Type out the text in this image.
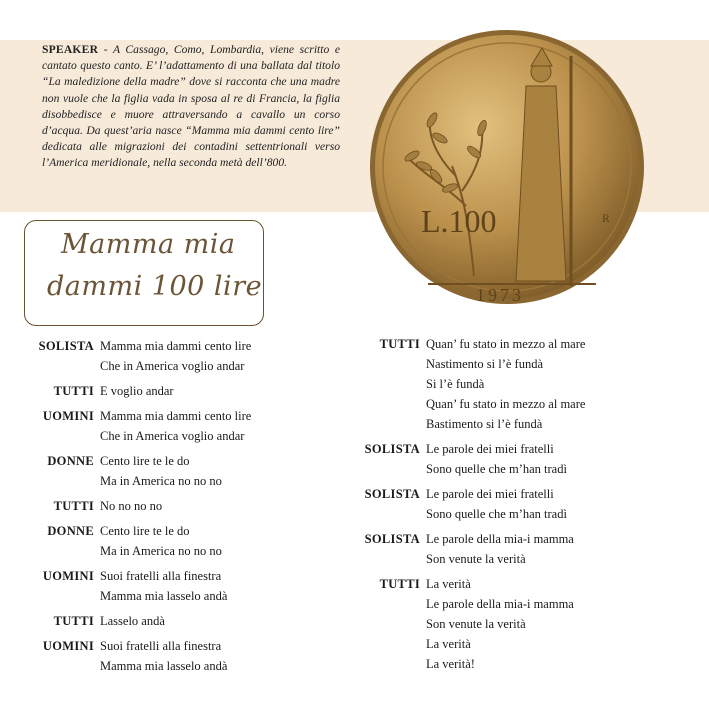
SPEAKER - A Cassago, Como, Lombardia, viene scritto e cantato questo canto. E’ l’adattamento di una ballata dal titolo “La maledizione della madre” dove si racconta che una madre non vuole che la figlia vada in sposa al re di Francia, la figlia disobbedisce e muore attraversando a cavallo un corso d’acqua. Da quest’aria nasce “Mamma mia dammi cento lire” dedicata alle migrazioni dei contadini settentrionali verso l’America meridionale, nella seconda metà dell’800.
L.100	R
1973
Mamma mia
dammi 100 lire
SOLISTA Mamma mia dammi cento lire
Che in America voglio andar
TUTTI E voglio andar
UOMINI Mamma mia dammi cento lire
Che in America voglio andar
DONNE Cento lire te le do
Ma in America no no no
TUTTI No no no no
DONNE Cento lire te le do
Ma in America no no no
UOMINI Suoi fratelli alla finestra
Mamma mia lasselo andà
TUTTI Lasselo andà
UOMINI Suoi fratelli alla finestra
Mamma mia lasselo andà
TUTTI Quan’ fu stato in mezzo al mare
Nastimento si l’è fundà
Si l’è fundà
Quan’ fu stato in mezzo al mare
Bastimento si l’è fundà
SOLISTA Le parole dei miei fratelli
Sono quelle che m’han tradì
SOLISTA Le parole dei miei fratelli
Sono quelle che m’han tradì
SOLISTA Le parole della mia-i mamma
Son venute la verità
TUTTI La verità
Le parole della mia-i mamma
Son venute la verità
La verità
La verità!
